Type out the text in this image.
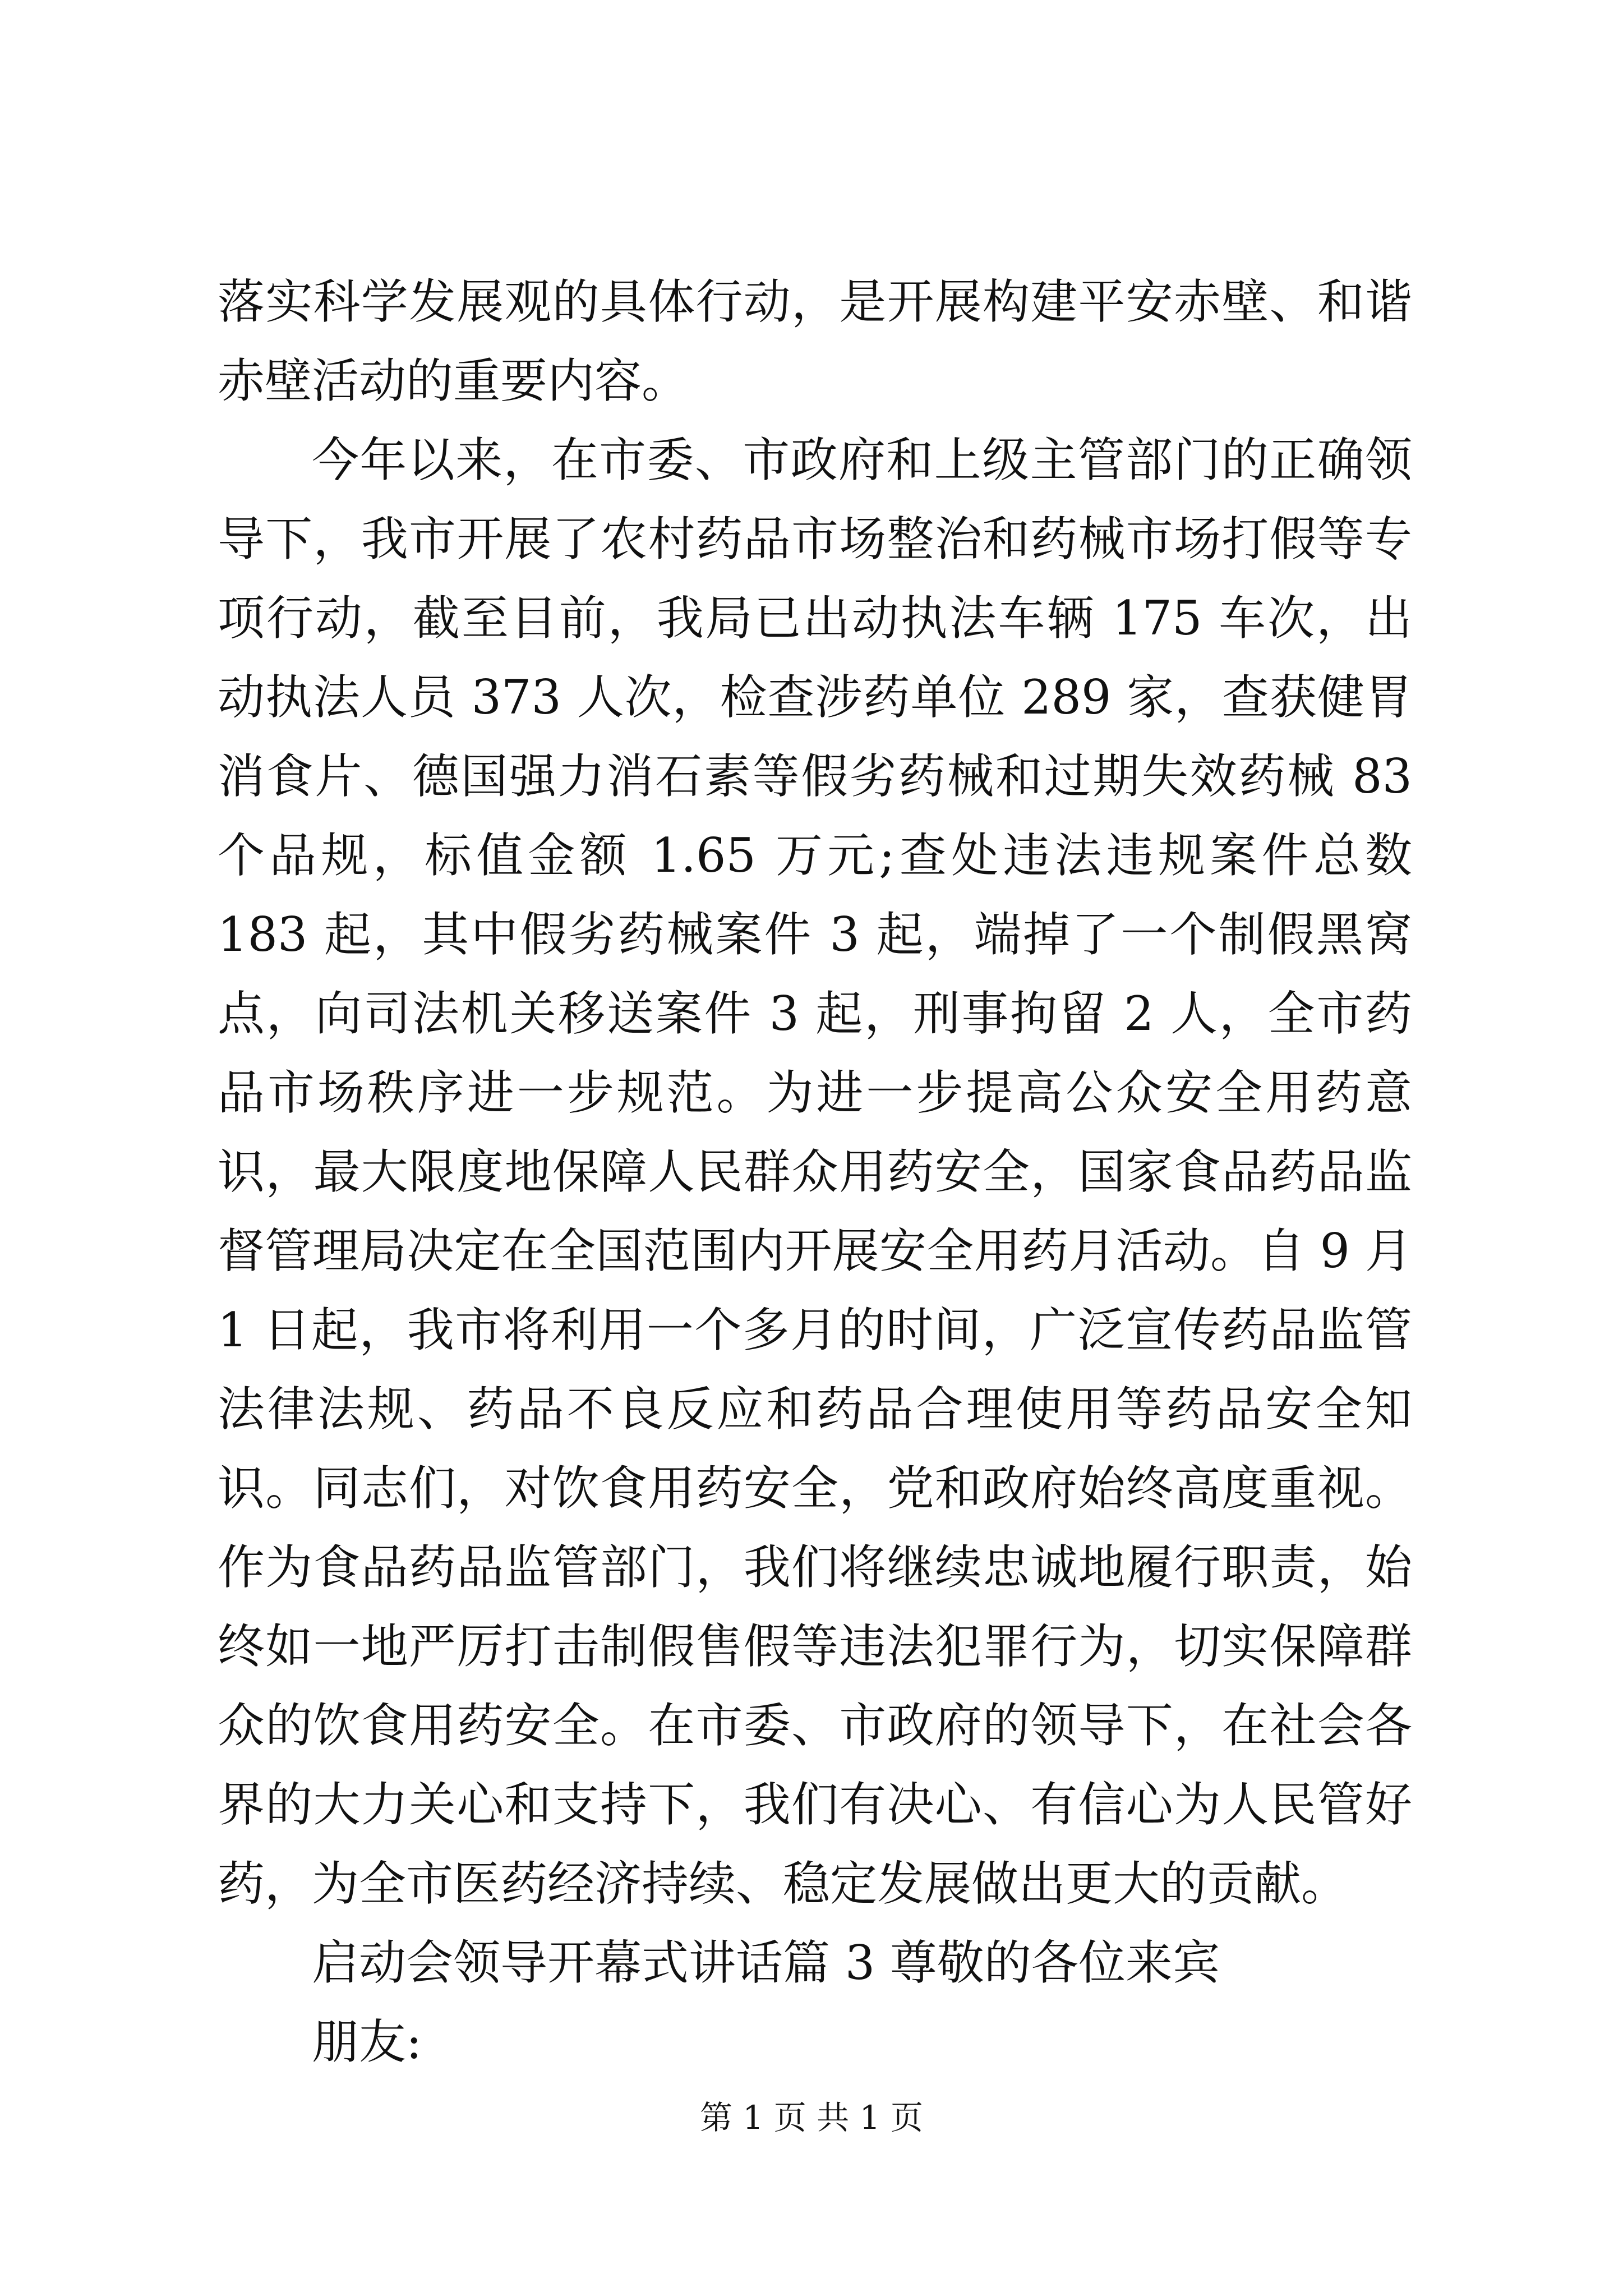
落实科学发展观的具体行动，是开展构建平安赤壁、和谐赤壁活动的重要内容。

今年以来，在市委、市政府和上级主管部门的正确领导下，我市开展了农村药品市场整治和药械市场打假等专项行动，截至目前，我局已出动执法车辆 175 车次，出动执法人员 373 人次，检查涉药单位 289 家，查获健胃消食片、德国强力消石素等假劣药械和过期失效药械 83 个品规，标值金额 1.65 万元;查处违法违规案件总数 183 起，其中假劣药械案件 3 起，端掉了一个制假黑窝点，向司法机关移送案件 3 起，刑事拘留 2 人，全市药品市场秩序进一步规范。为进一步提高公众安全用药意识，最大限度地保障人民群众用药安全，国家食品药品监督管理局决定在全国范围内开展安全用药月活动。自 9 月 1 日起，我市将利用一个多月的时间，广泛宣传药品监管法律法规、药品不良反应和药品合理使用等药品安全知识。同志们，对饮食用药安全，党和政府始终高度重视。作为食品药品监管部门，我们将继续忠诚地履行职责，始终如一地严厉打击制假售假等违法犯罪行为，切实保障群众的饮食用药安全。在市委、市政府的领导下，在社会各界的大力关心和支持下，我们有决心、有信心为人民管好药，为全市医药经济持续、稳定发展做出更大的贡献。

启动会领导开幕式讲话篇 3 尊敬的各位来宾

朋友:

第 1 页 共 1 页
